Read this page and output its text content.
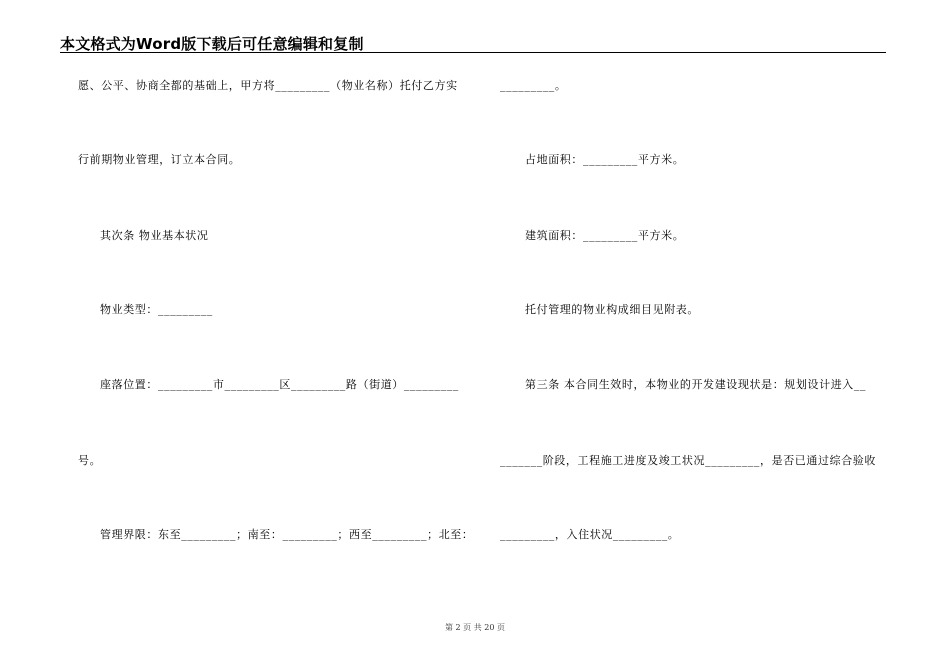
本文格式为Word版下载后可任意编辑和复制
愿、公平、协商全都的基础上，甲方将_________（物业名称）托付乙方实
行前期物业管理，订立本合同。
其次条 物业基本状况
物业类型：_________
座落位置：_________市_________区_________路（街道）_________
号。
管理界限：东至_________；南至：_________；西至_________；北至：
_________。
占地面积：_________平方米。
建筑面积：_________平方米。
托付管理的物业构成细目见附表。
第三条 本合同生效时，本物业的开发建设现状是：规划设计进入__
_______阶段，工程施工进度及竣工状况_________，是否已通过综合验收
_________，入住状况_________。
第 2 页 共 20 页
